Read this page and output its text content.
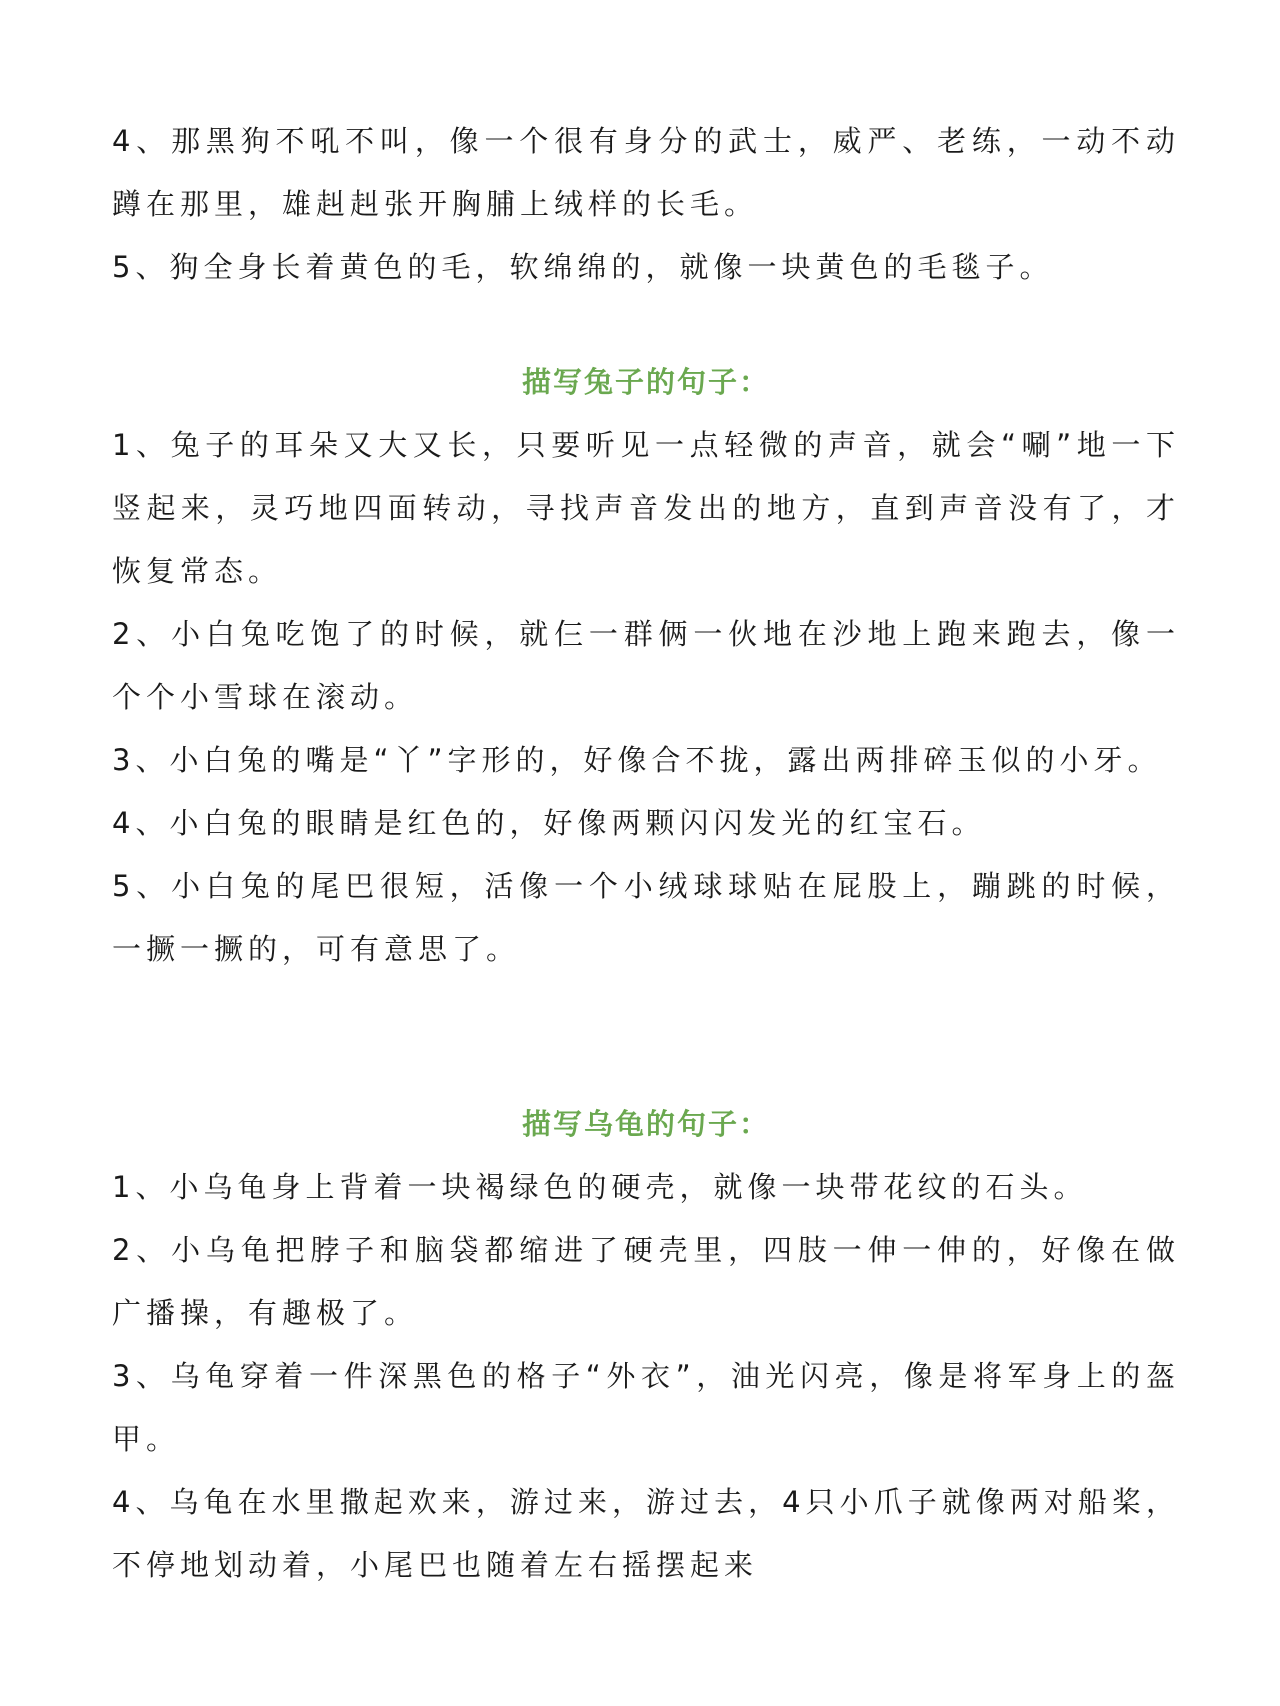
4、那黑狗不吼不叫，像一个很有身分的武士，威严、老练，一动不动蹲在那里，雄赳赳张开胸脯上绒样的长毛。

5、狗全身长着黄色的毛，软绵绵的，就像一块黄色的毛毯子。

描写兔子的句子：

1、兔子的耳朵又大又长，只要听见一点轻微的声音，就会“唰”地一下竖起来，灵巧地四面转动，寻找声音发出的地方，直到声音没有了，才恢复常态。

2、小白兔吃饱了的时候，就仨一群俩一伙地在沙地上跑来跑去，像一个个小雪球在滚动。

3、小白兔的嘴是“丫”字形的，好像合不拢，露出两排碎玉似的小牙。

4、小白兔的眼睛是红色的，好像两颗闪闪发光的红宝石。

5、小白兔的尾巴很短，活像一个小绒球球贴在屁股上，蹦跳的时候，一撅一撅的，可有意思了。

描写乌龟的句子：

1、小乌龟身上背着一块褐绿色的硬壳，就像一块带花纹的石头。

2、小乌龟把脖子和脑袋都缩进了硬壳里，四肢一伸一伸的，好像在做广播操，有趣极了。

3、乌龟穿着一件深黑色的格子“外衣”，油光闪亮，像是将军身上的盔甲。

4、乌龟在水里撒起欢来，游过来，游过去，4只小爪子就像两对船桨，不停地划动着，小尾巴也随着左右摇摆起来
